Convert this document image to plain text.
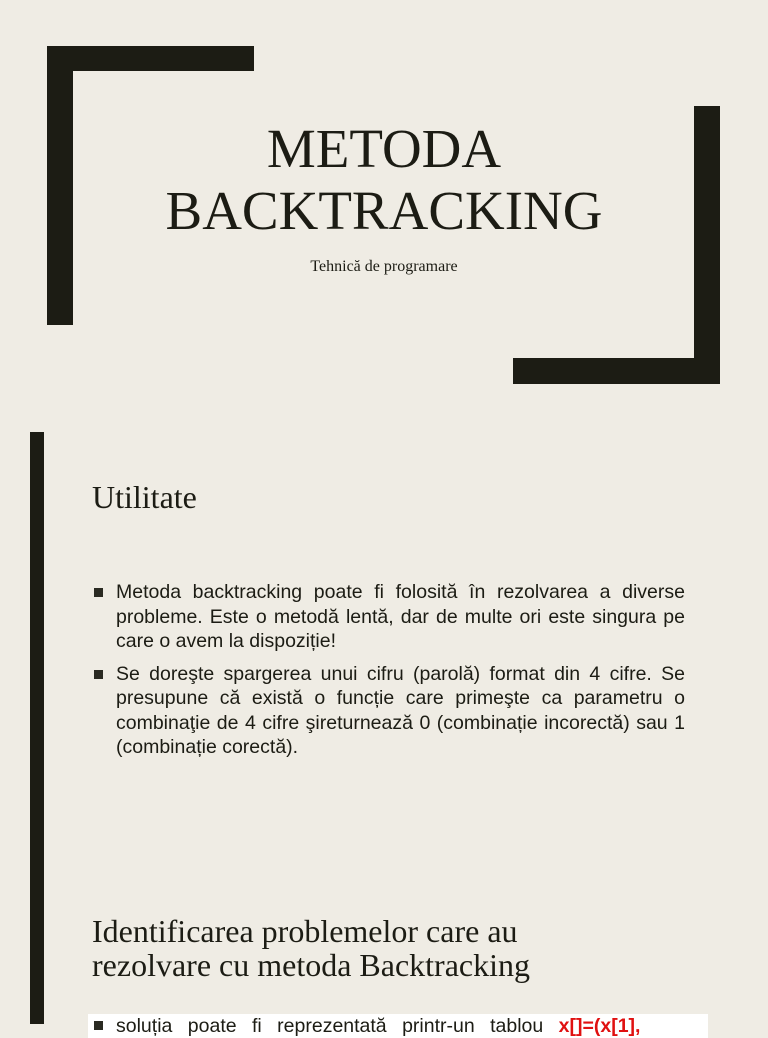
METODA
BACKTRACKING

Tehnică de programare

Utilitate
Metoda backtracking poate fi folosită în rezolvarea a diverse probleme. Este o metodă lentă, dar de multe ori este singura pe care o avem la dispoziție!
Se doreşte spargerea unui cifru (parolă) format din 4 cifre. Se presupune că există o funcție care primeşte ca parametru o combinaţie de 4 cifre şireturnează 0 (combinație incorectă) sau 1 (combinație corectă).
Identificarea problemelor care au
rezolvare cu metoda Backtracking
soluția poate fi reprezentată printr-un tablou x[]=(x[1],
